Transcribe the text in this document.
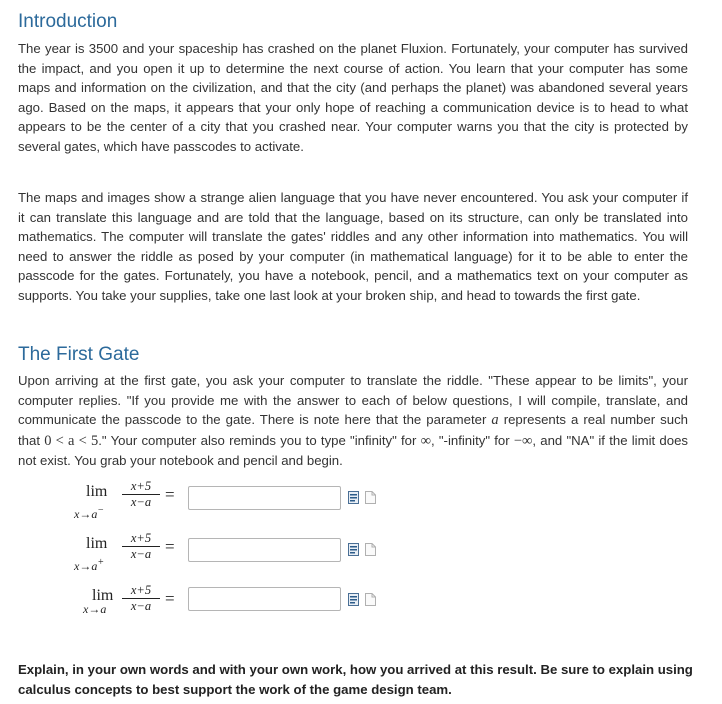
Introduction

The year is 3500 and your spaceship has crashed on the planet Fluxion. Fortunately, your computer has survived the impact, and you open it up to determine the next course of action. You learn that your computer has some maps and information on the civilization, and that the city (and perhaps the planet) was abandoned several years ago. Based on the maps, it appears that your only hope of reaching a communication device is to head to what appears to be the center of a city that you crashed near. Your computer warns you that the city is protected by several gates, which have passcodes to activate.

The maps and images show a strange alien language that you have never encountered. You ask your computer if it can translate this language and are told that the language, based on its structure, can only be translated into mathematics. The computer will translate the gates' riddles and any other information into mathematics. You will need to answer the riddle as posed by your computer (in mathematical language) for it to be able to enter the passcode for the gates. Fortunately, you have a notebook, pencil, and a mathematics text on your computer as supports. You take your supplies, take one last look at your broken ship, and head to towards the first gate.

The First Gate

Upon arriving at the first gate, you ask your computer to translate the riddle. "These appear to be limits", your computer replies. "If you provide me with the answer to each of below questions, I will compile, translate, and communicate the passcode to the gate. There is note here that the parameter a represents a real number such that 0 < a < 5." Your computer also reminds you to type "infinity" for ∞, "-infinity" for −∞, and "NA" if the limit does not exist. You grab your notebook and pencil and begin.

lim
x→a−
$\frac{x+5}{x-a}$ =
lim
x→a+
$\frac{x+5}{x-a}$ =
lim
$x\to a \frac{x+5}{x-a}$ =

Explain, in your own words and with your own work, how you arrived at this result. Be sure to explain using calculus concepts to best support the work of the game design team.
